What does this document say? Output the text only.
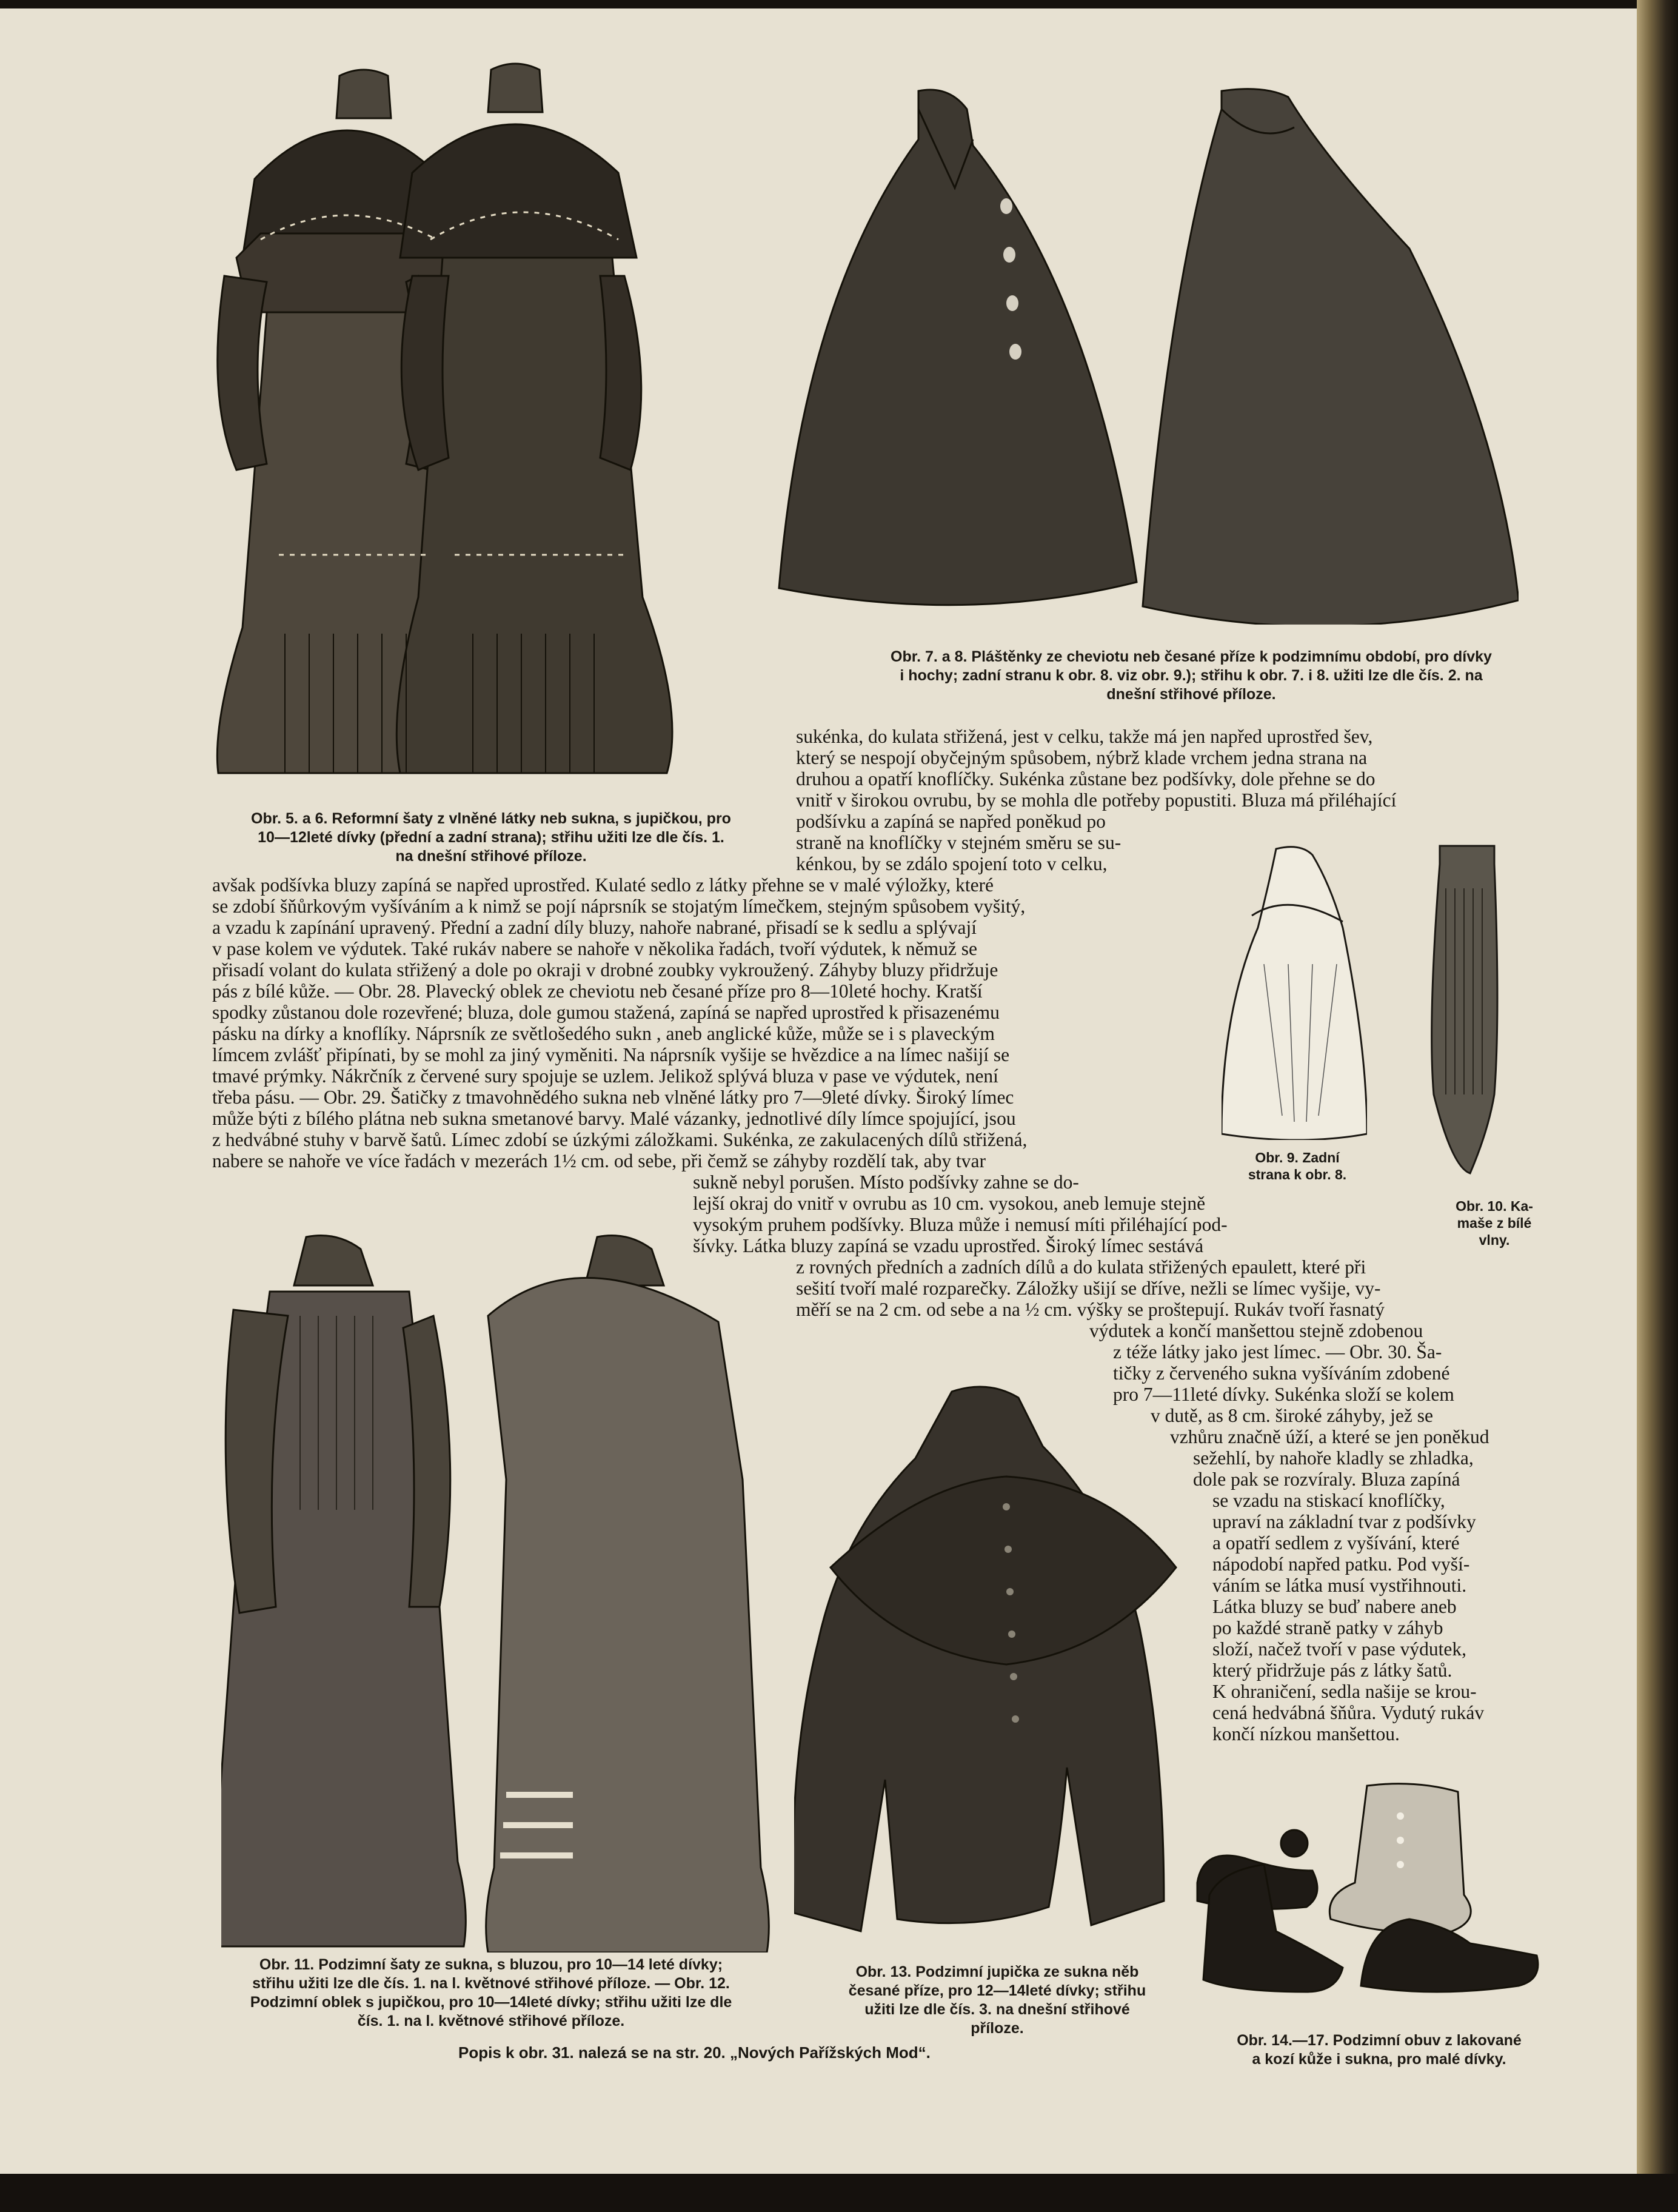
Obr. 5. a 6. Reformní šaty z vlněné látky neb sukna, s jupičkou, pro
10—12leté dívky (přední a zadní strana); střihu užiti lze dle čís. 1.
na dnešní střihové příloze.
Obr. 7. a 8. Pláštěnky ze cheviotu neb česané příze k podzimnímu období, pro dívky
i hochy; zadní stranu k obr. 8. viz obr. 9.); střihu k obr. 7. i 8. užiti lze dle čís. 2. na
dnešní střihové příloze.
Obr. 9. Zadní
strana k obr. 8.
Obr. 10. Ka-
maše z bílé
vlny.
Obr. 11. Podzimní šaty ze sukna, s bluzou, pro 10—14 leté dívky;
střihu užiti lze dle čís. 1. na l. květnové střihové příloze. — Obr. 12.
Podzimní oblek s jupičkou, pro 10—14leté dívky; střihu užiti lze dle
čís. 1. na l. květnové střihové příloze.
Obr. 13. Podzimní jupička ze sukna něb
česané příze, pro 12—14leté dívky; střihu
užiti lze dle čís. 3. na dnešní střihové
příloze.
Obr. 14.—17. Podzimní obuv z lakované
a kozí kůže i sukna, pro malé dívky.
sukénka, do kulata střižená, jest v celku, takže má jen napřed uprostřed šev,
který se nespojí obyčejným spůsobem, nýbrž klade vrchem jedna strana na
druhou a opatří knoflíčky. Sukénka zůstane bez podšívky, dole přehne se do
vnitř v širokou ovrubu, by se mohla dle potřeby popustiti. Bluza má přiléhající
podšívku a zapíná se napřed poněkud po
straně na knoflíčky v stejném směru se su-
kénkou, by se zdálo spojení toto v celku,
avšak podšívka bluzy zapíná se napřed uprostřed. Kulaté sedlo z látky přehne se v malé výložky, které
se zdobí šňůrkovým vyšíváním a k nimž se pojí náprsník se stojatým límečkem, stejným spůsobem vyšitý,
a vzadu k zapínání upravený. Přední a zadní díly bluzy, nahoře nabrané, přisadí se k sedlu a splývají
v pase kolem ve výdutek. Také rukáv nabere se nahoře v několika řadách, tvoří výdutek, k němuž se
přisadí volant do kulata střižený a dole po okraji v drobné zoubky vykroužený. Záhyby bluzy přidržuje
pás z bílé kůže. — Obr. 28. Plavecký oblek ze cheviotu neb česané příze pro 8—10leté hochy. Kratší
spodky zůstanou dole rozevřené; bluza, dole gumou stažená, zapíná se napřed uprostřed k přisazenému
pásku na dírky a knoflíky. Náprsník ze světlošedého sukn , aneb anglické kůže, může se i s plaveckým
límcem zvlášť připínati, by se mohl za jiný vyměniti. Na náprsník vyšije se hvězdice a na límec našijí se
tmavé prýmky. Nákrčník z červené sury spojuje se uzlem. Jelikož splývá bluza v pase ve výdutek, není
třeba pásu. — Obr. 29. Šatičky z tmavohnědého sukna neb vlněné látky pro 7—9leté dívky. Široký límec
může býti z bílého plátna neb sukna smetanové barvy. Malé vázanky, jednotlivé díly límce spojující, jsou
z hedvábné stuhy v barvě šatů. Límec zdobí se úzkými záložkami. Sukénka, ze zakulacených dílů střižená,
nabere se nahoře ve více řadách v mezerách 1½ cm. od sebe, při čemž se záhyby rozdělí tak, aby tvar
sukně nebyl porušen. Místo podšívky zahne se do-
lejší okraj do vnitř v ovrubu as 10 cm. vysokou, aneb lemuje stejně
vysokým pruhem podšívky. Bluza může i nemusí míti přiléhající pod-
šívky. Látka bluzy zapíná se vzadu uprostřed. Široký límec sestává
z rovných předních a zadních dílů a do kulata střižených epaulett, které při
sešití tvoří malé rozparečky. Záložky ušijí se dříve, nežli se límec vyšije, vy-
měří se na 2 cm. od sebe a na ½ cm. výšky se proštepují. Rukáv tvoří řasnatý
výdutek a končí manšettou stejně zdobenou
z téže látky jako jest límec. — Obr. 30. Ša-
tičky z červeného sukna vyšíváním zdobené
pro 7—11leté dívky. Sukénka složí se kolem
v dutě, as 8 cm. široké záhyby, jež se
vzhůru značně úží, a které se jen poněkud
sežehlí, by nahoře kladly se zhladka,
dole pak se rozvíraly. Bluza zapíná
se vzadu na stiskací knoflíčky,
upraví na základní tvar z podšívky
a opatří sedlem z vyšívání, které
nápodobí napřed patku. Pod vyší-
váním se látka musí vystřihnouti.
Látka bluzy se buď nabere aneb
po každé straně patky v záhyb
složí, načež tvoří v pase výdutek,
který přidržuje pás z látky šatů.
K ohraničení, sedla našije se krou-
cená hedvábná šňůra. Vydutý rukáv
končí nízkou manšettou.
Popis k obr. 31. nalezá se na str. 20. „Nových Pařížských Mod“.
